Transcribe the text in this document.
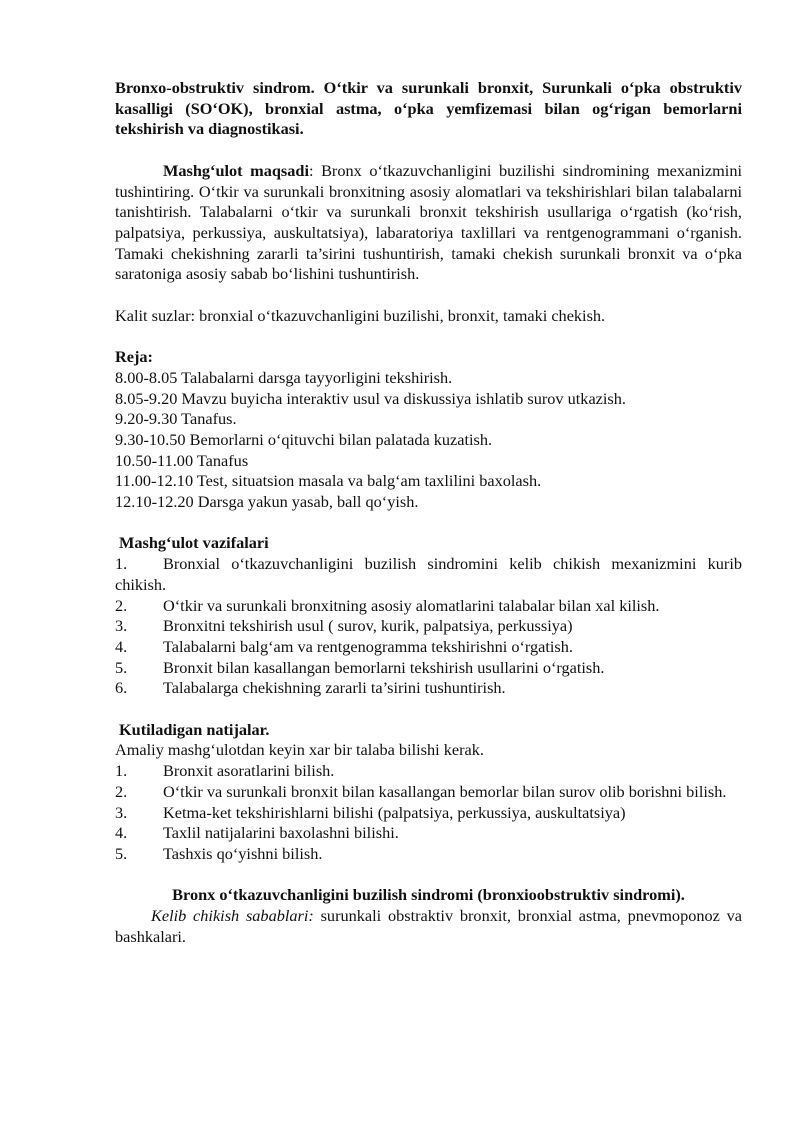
Bronxo-obstruktiv sindrom. O‘tkir va surunkali bronxit, Surunkali o‘pka obstruktiv kasalligi (SO‘OK), bronxial astma, o‘pka yemfizemasi bilan og‘rigan bemorlarni tekshirish va diagnostikasi.

Mashg‘ulot maqsadi: Bronx o‘tkazuvchanligini buzilishi sindromining mexanizmini tushintiring. O‘tkir va surunkali bronxitning asosiy alomatlari va tekshirishlari bilan talabalarni tanishtirish. Talabalarni o‘tkir va surunkali bronxit tekshirish usullariga o‘rgatish (ko‘rish, palpatsiya, perkussiya, auskultatsiya), labaratoriya taxlillari va rentgenogrammani o‘rganish. Tamaki chekishning zararli ta’sirini tushuntirish, tamaki chekish surunkali bronxit va o‘pka saratoniga asosiy sabab bo‘lishini tushuntirish.

Kalit suzlar: bronxial o‘tkazuvchanligini buzilishi, bronxit, tamaki chekish.

Reja:

8.00-8.05 Talabalarni darsga tayyorligini tekshirish.

8.05-9.20 Mavzu buyicha interaktiv usul va diskussiya ishlatib surov utkazish.

9.20-9.30 Tanafus.

9.30-10.50 Bemorlarni o‘qituvchi bilan palatada kuzatish.

10.50-11.00 Tanafus

11.00-12.10 Test, situatsion masala va balg‘am taxlilini baxolash.

12.10-12.20 Darsga yakun yasab, ball qo‘yish.

Mashg‘ulot vazifalari

1. Bronxial o‘tkazuvchanligini buzilish sindromini kelib chikish mexanizmini kurib chikish.

2. O‘tkir va surunkali bronxitning asosiy alomatlarini talabalar bilan xal kilish.

3.	Bronxitni tekshirish usul ( surov, kurik, palpatsiya, perkussiya)

4.	Talabalarni balg‘am va rentgenogramma tekshirishni o‘rgatish.

5.	Bronxit bilan kasallangan bemorlarni tekshirish usullarini o‘rgatish.

6.	Talabalarga chekishning zararli ta’sirini tushuntirish.

Kutiladigan natijalar.

Amaliy mashg‘ulotdan keyin xar bir talaba bilishi kerak.

1.	Bronxit asoratlarini bilish.

2. O‘tkir va surunkali bronxit bilan kasallangan bemorlar bilan surov olib borishni bilish.

3.	Ketma-ket tekshirishlarni bilishi (palpatsiya, perkussiya, auskultatsiya)

4.	Taxlil natijalarini baxolashni bilishi.

5.	Tashxis qo‘yishni bilish.

Bronx o‘tkazuvchanligini buzilish sindromi (bronxioobstruktiv sindromi).

Kelib chikish sabablari: surunkali obstraktiv bronxit, bronxial astma, pnevmoponoz va bashkalari.
